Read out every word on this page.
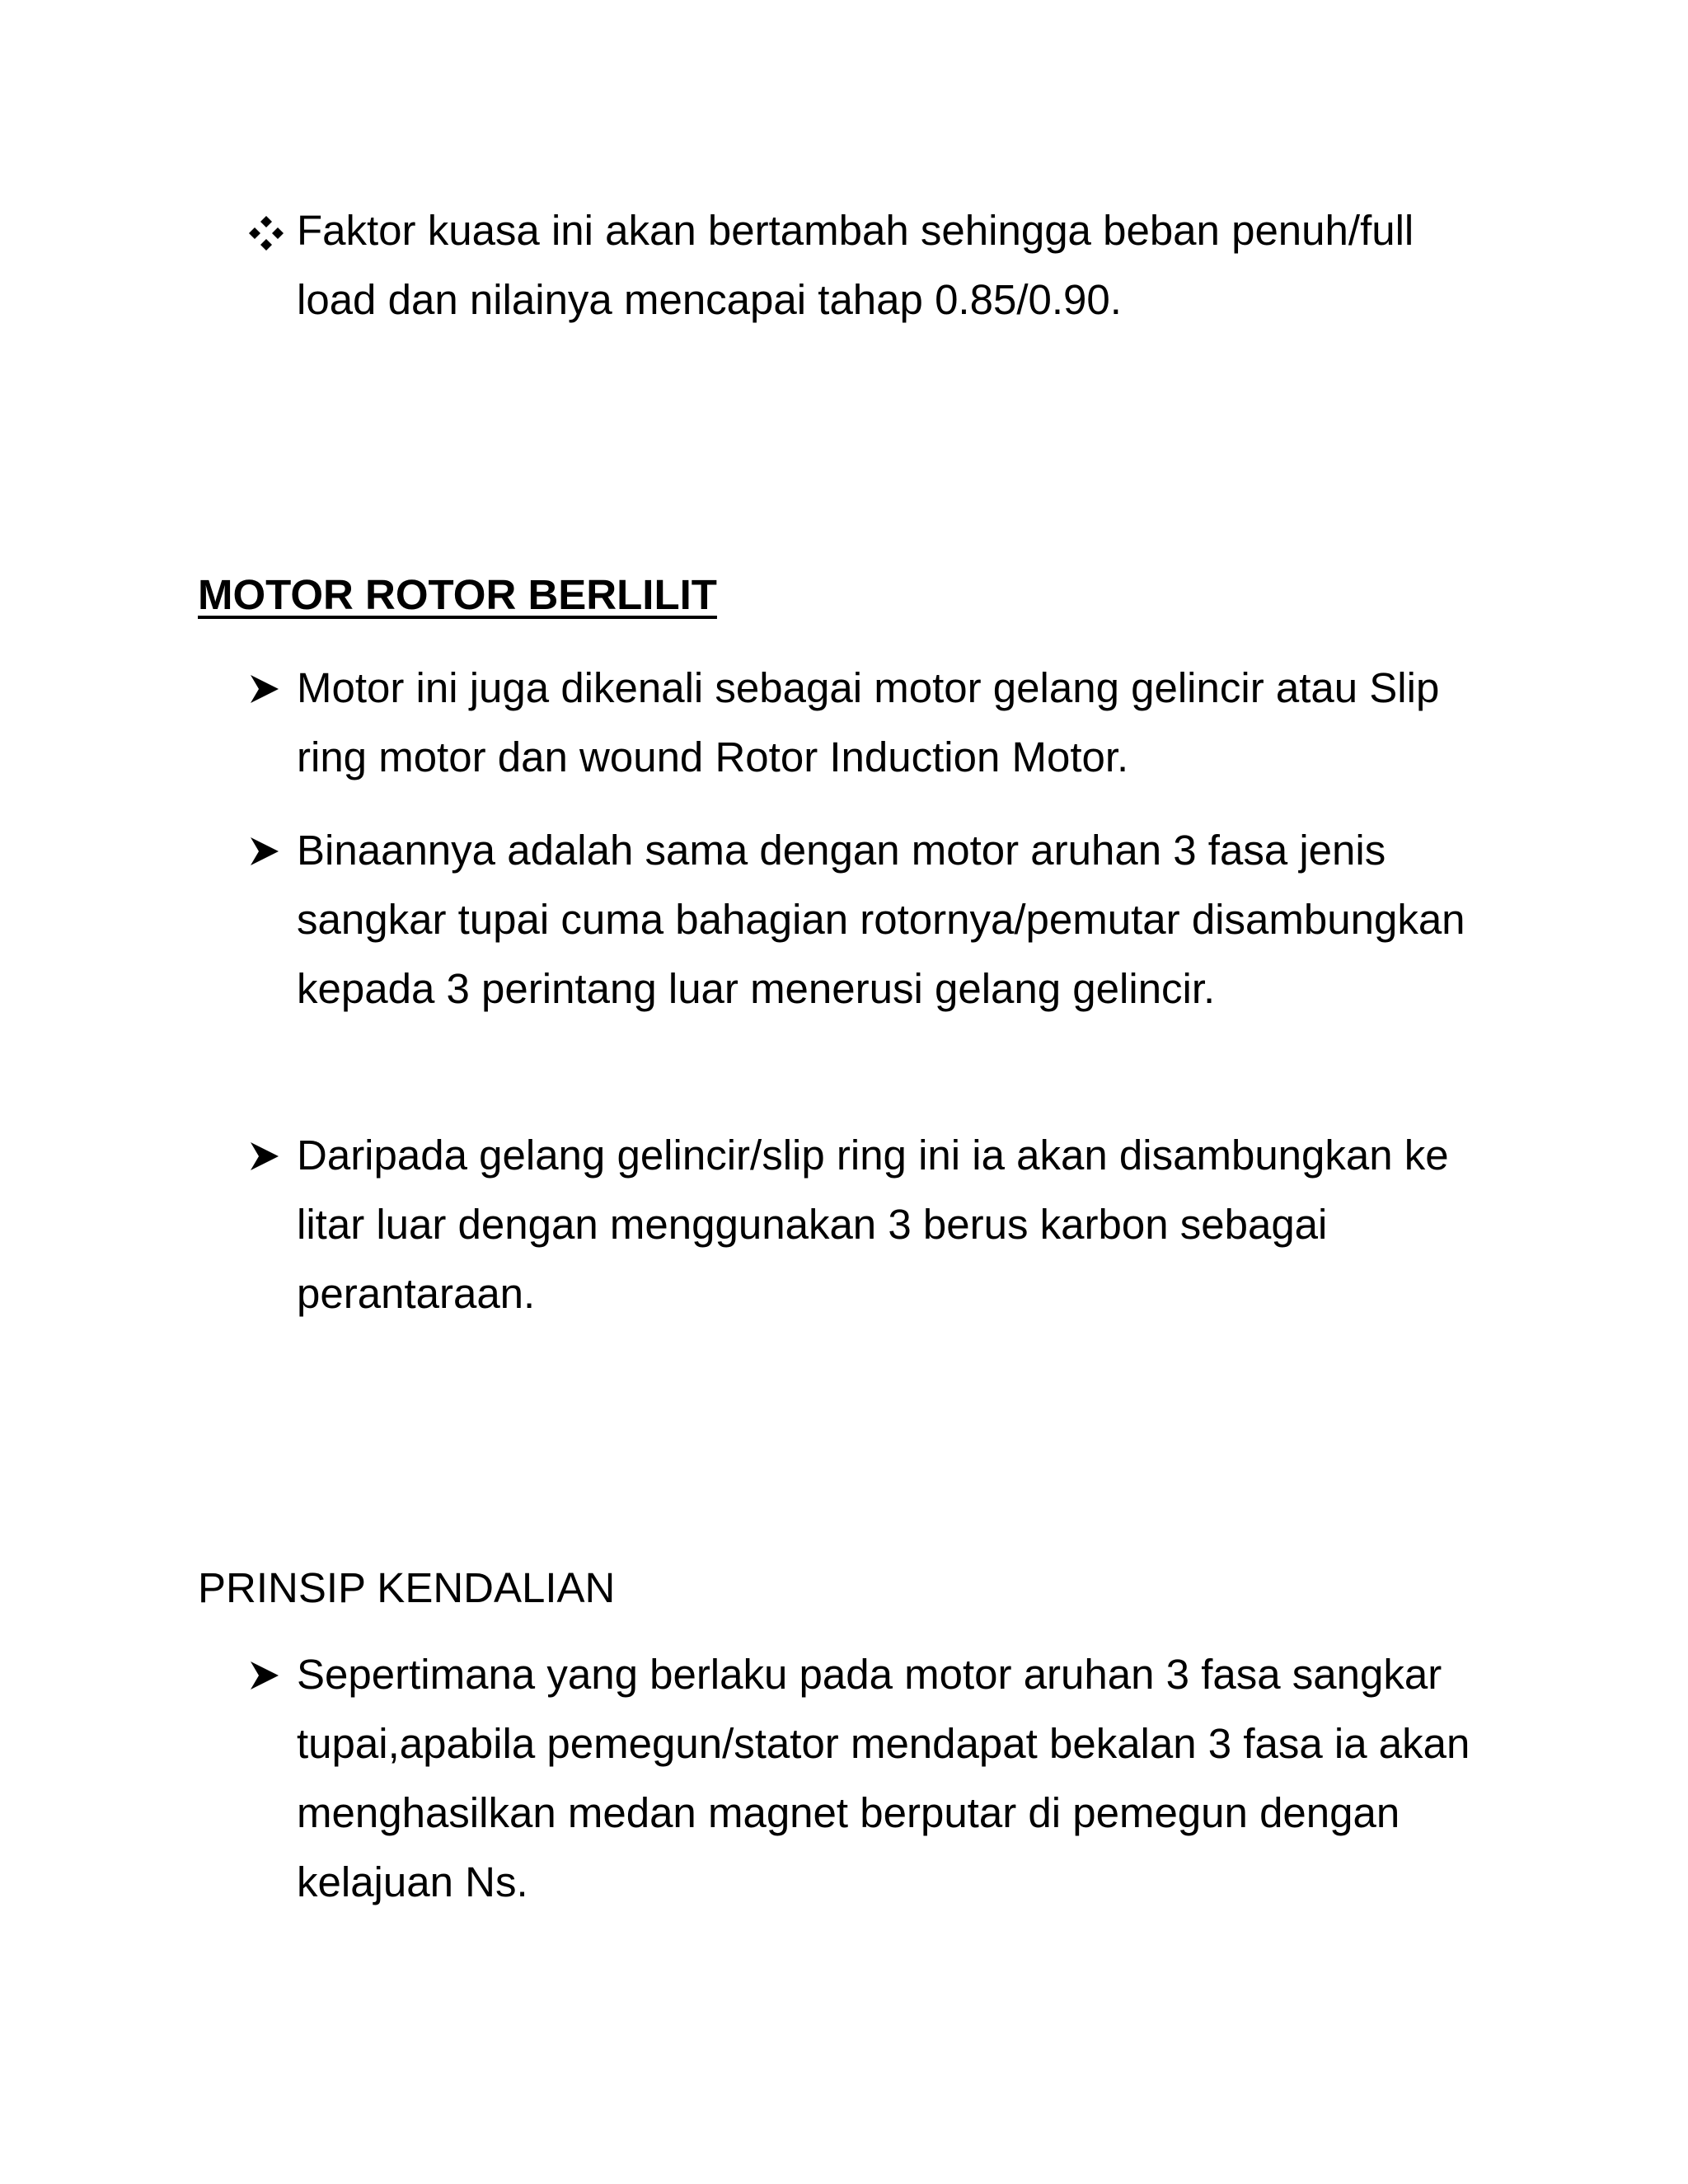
Faktor kuasa ini akan bertambah sehingga beban penuh/full load dan nilainya mencapai tahap 0.85/0.90.
MOTOR ROTOR BERLILIT
Motor ini juga dikenali sebagai motor gelang gelincir atau Slip ring motor dan wound Rotor Induction Motor.
Binaannya adalah sama dengan motor aruhan 3 fasa jenis sangkar tupai cuma bahagian rotornya/pemutar disambungkan kepada 3 perintang luar menerusi gelang gelincir.
Daripada gelang gelincir/slip ring ini ia akan disambungkan ke litar luar dengan menggunakan 3 berus karbon sebagai perantaraan.
PRINSIP KENDALIAN
Sepertimana yang berlaku pada motor aruhan 3 fasa sangkar tupai,apabila pemegun/stator mendapat bekalan 3 fasa ia akan menghasilkan medan magnet berputar di pemegun dengan kelajuan Ns.
